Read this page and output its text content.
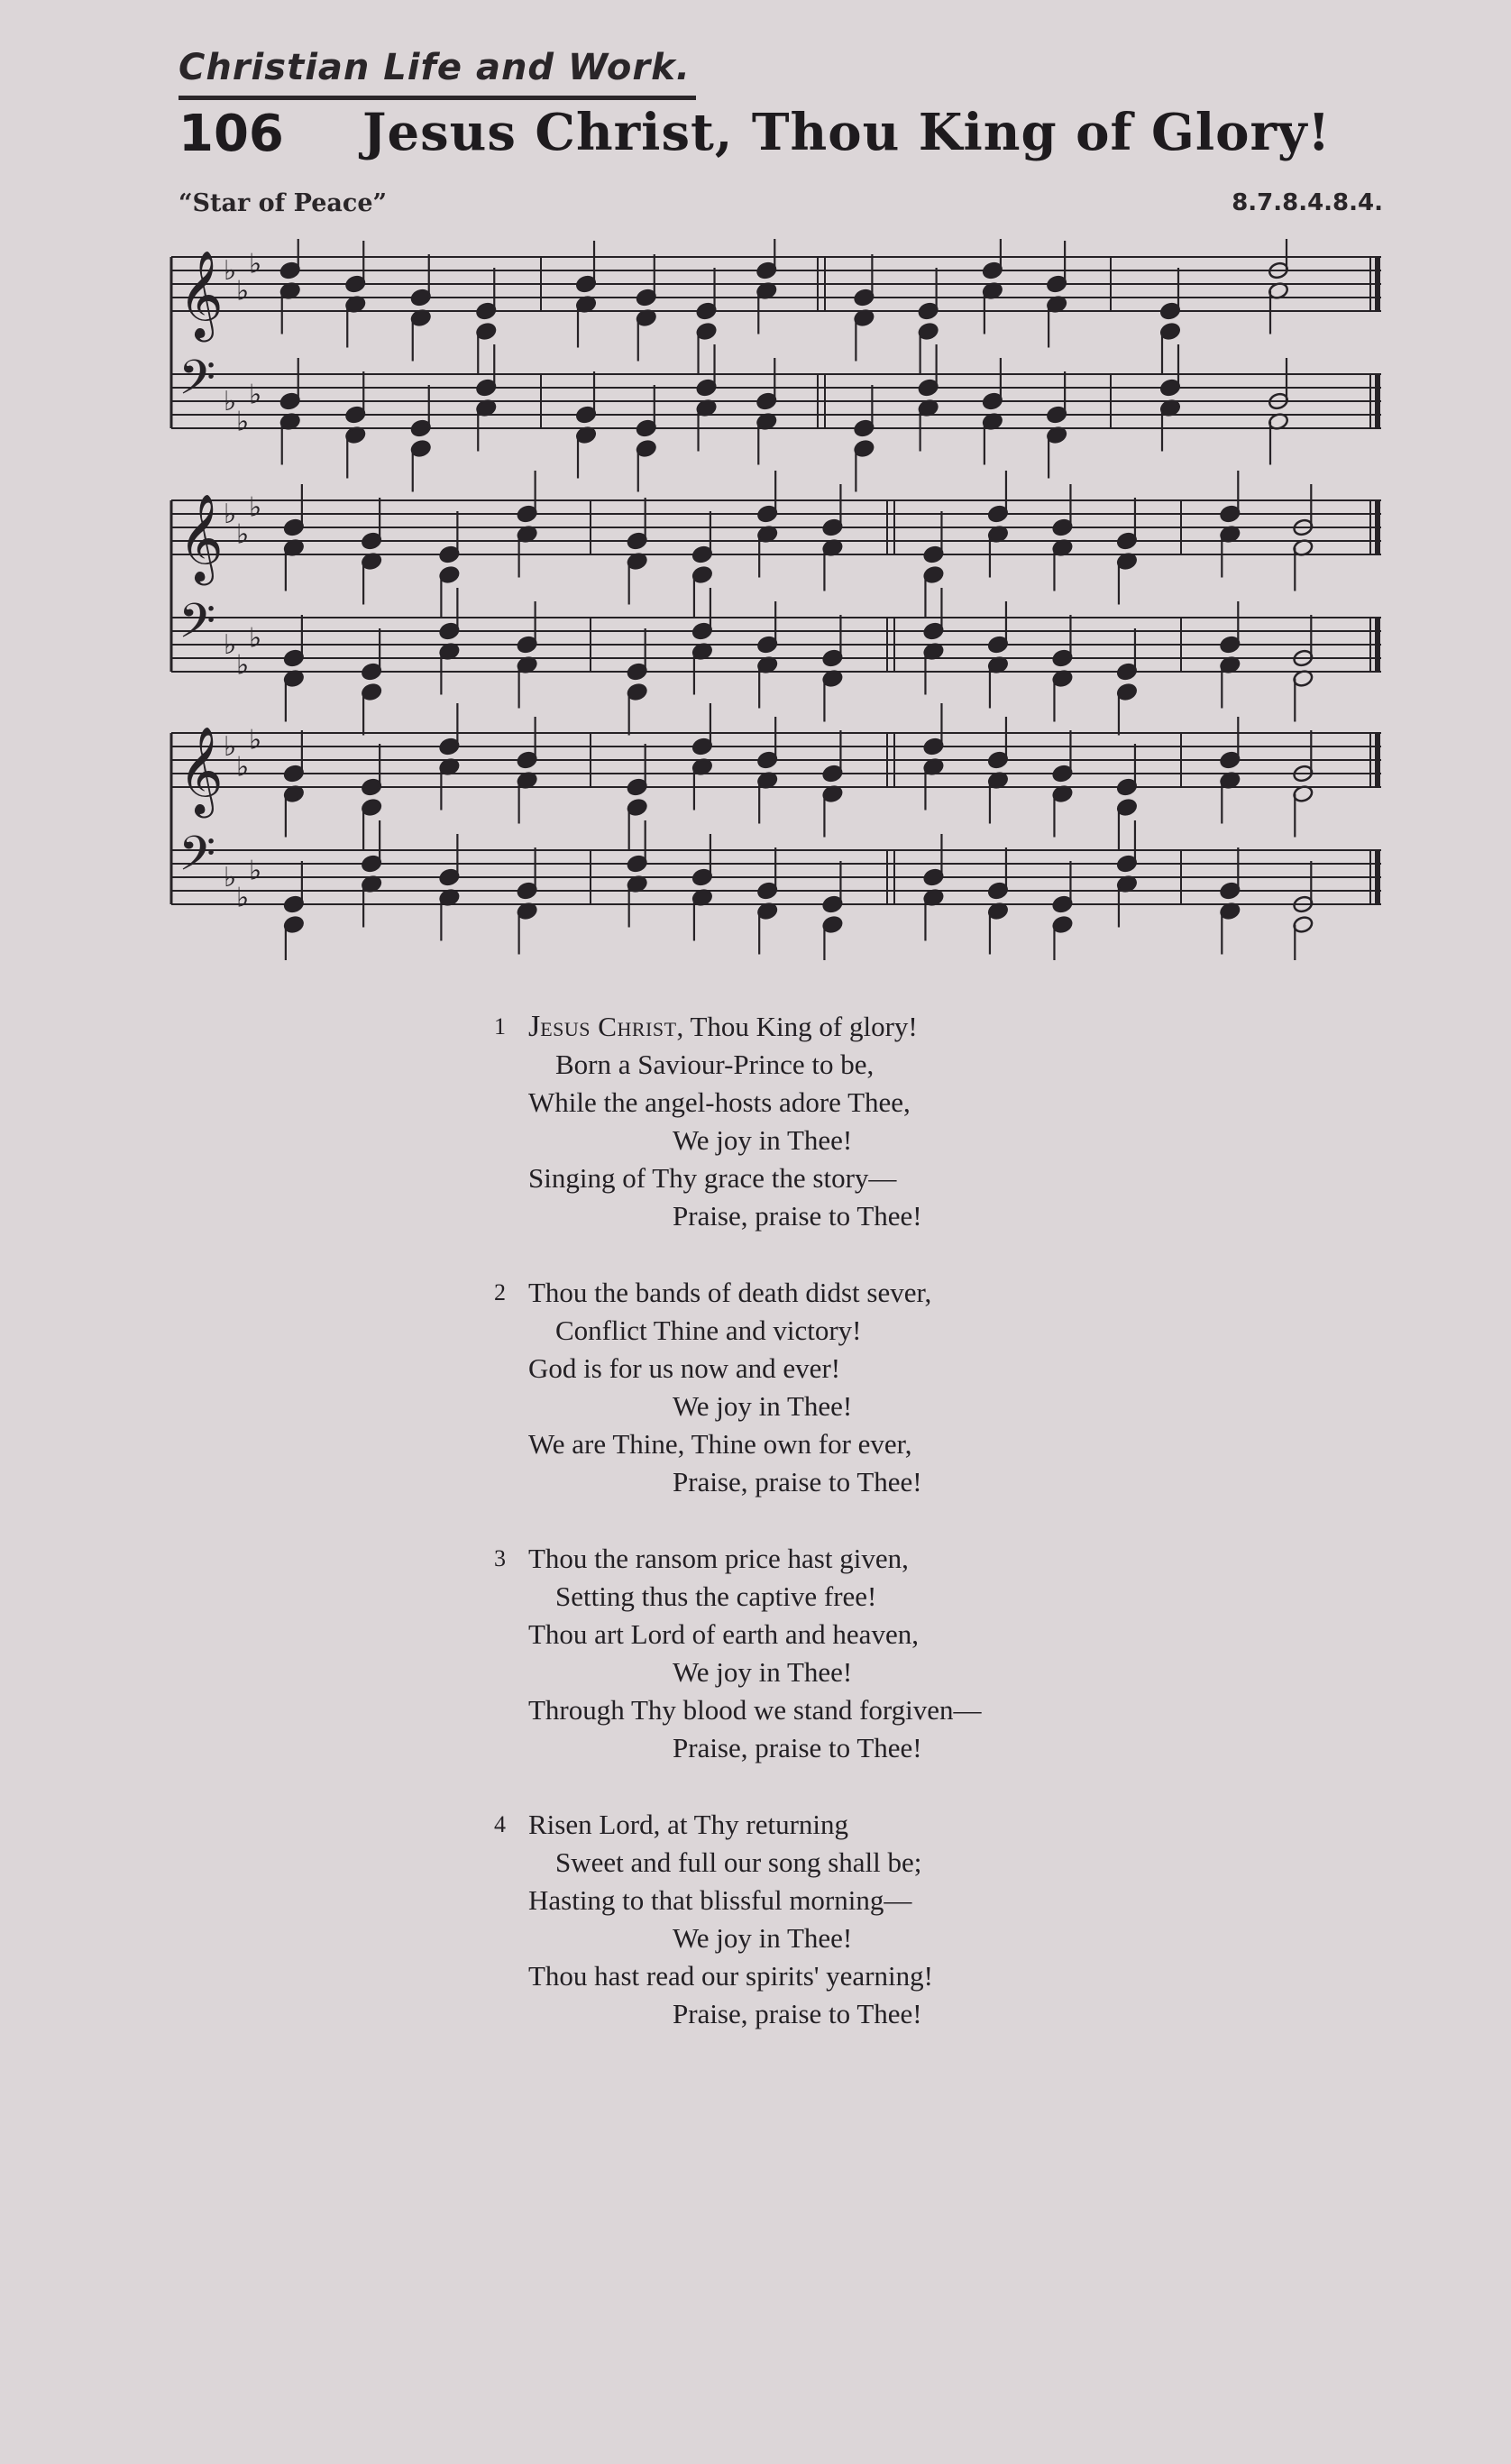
Christian Life and Work.
106 Jesus Christ, Thou King of Glory!
“Star of Peace”	8.7.8.4.8.4.
𝄞 ♭
♭
♭
𝄢 ♭
♭
♭
𝄞 ♭
♭
♭
𝄢 ♭
♭
♭
𝄞 ♭
♭
♭
𝄢 ♭
♭
♭
1 Jesus Christ, Thou King of glory!
Born a Saviour-Prince to be,
While the angel-hosts adore Thee,
We joy in Thee!
Singing of Thy grace the story—
Praise, praise to Thee!
2 Thou the bands of death didst sever,
Conflict Thine and victory!
God is for us now and ever!
We joy in Thee!
We are Thine, Thine own for ever,
Praise, praise to Thee!
3 Thou the ransom price hast given,
Setting thus the captive free!
Thou art Lord of earth and heaven,
We joy in Thee!
Through Thy blood we stand forgiven—
Praise, praise to Thee!
4 Risen Lord, at Thy returning
Sweet and full our song shall be;
Hasting to that blissful morning—
We joy in Thee!
Thou hast read our spirits' yearning!
Praise, praise to Thee!
